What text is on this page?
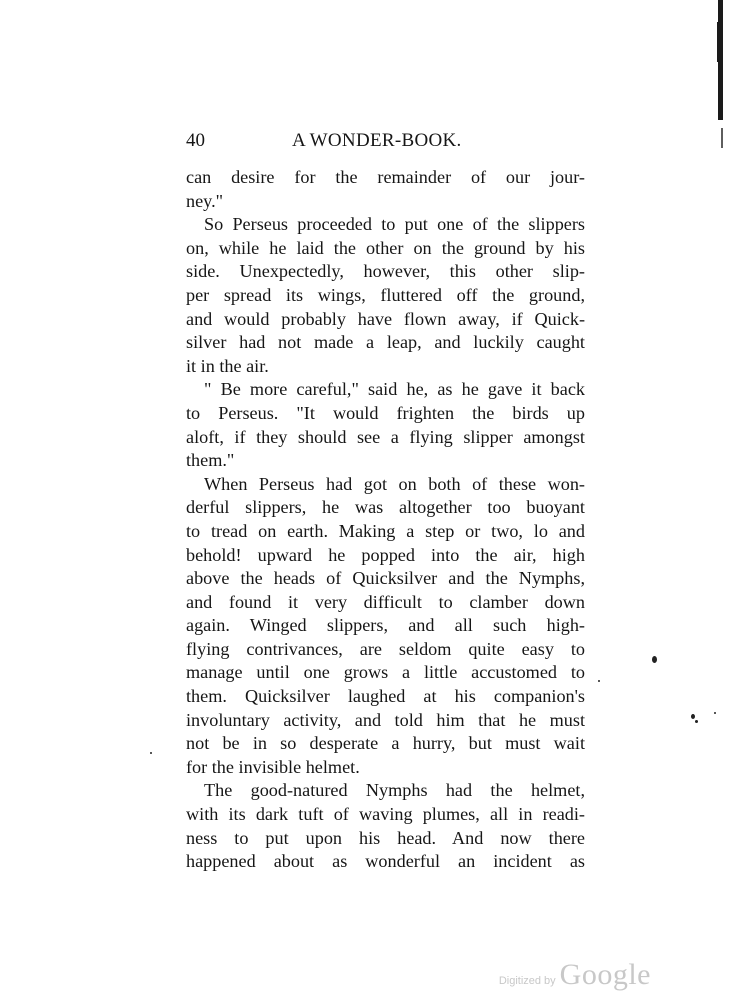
40	A WONDER-BOOK.
can desire for the remainder of our jour-
ney."
So Perseus proceeded to put one of the slippers
on, while he laid the other on the ground by his
side. Unexpectedly, however, this other slip-
per spread its wings, fluttered off the ground,
and would probably have flown away, if Quick-
silver had not made a leap, and luckily caught
it in the air.
" Be more careful," said he, as he gave it back
to Perseus. "It would frighten the birds up
aloft, if they should see a flying slipper amongst
them."
When Perseus had got on both of these won-
derful slippers, he was altogether too buoyant
to tread on earth. Making a step or two, lo and
behold! upward he popped into the air, high
above the heads of Quicksilver and the Nymphs,
and found it very difficult to clamber down
again. Winged slippers, and all such high-
flying contrivances, are seldom quite easy to
manage until one grows a little accustomed to
them. Quicksilver laughed at his companion's
involuntary activity, and told him that he must
not be in so desperate a hurry, but must wait
for the invisible helmet.
The good-natured Nymphs had the helmet,
with its dark tuft of waving plumes, all in readi-
ness to put upon his head. And now there
happened about as wonderful an incident as
Digitized by Google
